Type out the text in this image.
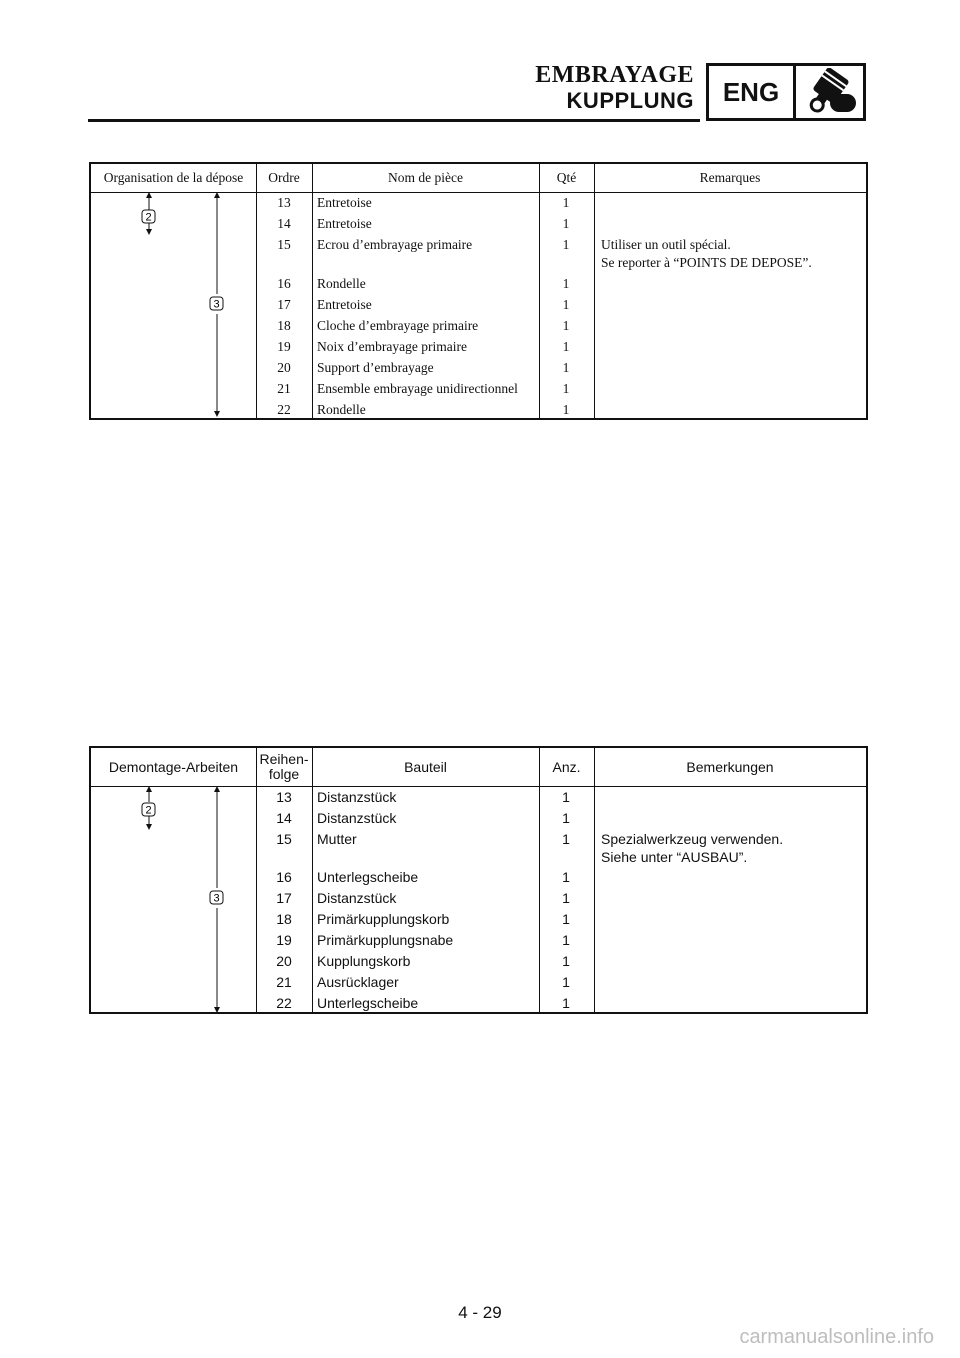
EMBRAYAGE
KUPPLUNG	ENG
Organisation de la dépose	Ordre	Nom de pièce	Qté	Remarques
2
3
13	Entretoise	1
14	Entretoise	1
15	Ecrou d’embrayage primaire	1	Utiliser un outil spécial.
Se reporter à “POINTS DE DEPOSE”.
16	Rondelle	1
17	Entretoise	1
18	Cloche d’embrayage primaire	1
19	Noix d’embrayage primaire	1
20	Support d’embrayage	1
21	Ensemble embrayage unidirectionnel	1
22	Rondelle	1
Demontage-Arbeiten	Reihen-
folge	Bauteil	Anz.	Bemerkungen
2
3
13	Distanzstück	1
14	Distanzstück	1
15	Mutter	1	Spezialwerkzeug verwenden.
Siehe unter “AUSBAU”.
16	Unterlegscheibe	1
17	Distanzstück	1
18	Primärkupplungskorb	1
19	Primärkupplungsnabe	1
20	Kupplungskorb	1
21	Ausrücklager	1
22	Unterlegscheibe	1
4 - 29
carmanualsonline.info
